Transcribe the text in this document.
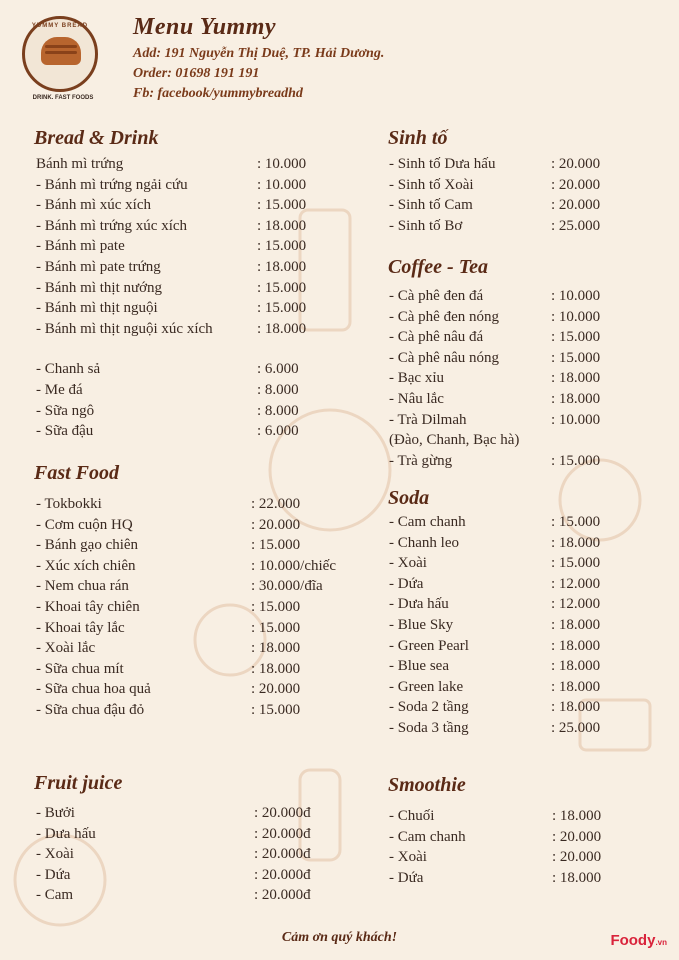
YUMMY BREAD
DRINK. FAST FOODS
Menu Yummy
Add: 191 Nguyễn Thị Duệ, TP. Hải Dương.
Order: 01698 191 191
Fb: facebook/yummybreadhd
Bread & Drink
Bánh mì trứng	: 10.000
- Bánh mì trứng ngải cứu	: 10.000
- Bánh mì xúc xích	: 15.000
- Bánh mì trứng xúc xích	: 18.000
- Bánh mì pate	: 15.000
- Bánh mì pate trứng	: 18.000
- Bánh mì thịt nướng	: 15.000
- Bánh mì thịt nguội	: 15.000
- Bánh mì thịt nguội xúc xích	: 18.000
- Chanh sả	: 6.000
- Me đá	: 8.000
- Sữa ngô	: 8.000
- Sữa đậu	: 6.000
Fast Food
- Tokbokki	: 22.000
- Cơm cuộn HQ	: 20.000
- Bánh gạo chiên	: 15.000
- Xúc xích chiên	: 10.000/chiếc
- Nem chua rán	: 30.000/đĩa
- Khoai tây chiên	: 15.000
- Khoai tây lắc	: 15.000
- Xoài lắc	: 18.000
- Sữa chua mít	: 18.000
- Sữa chua hoa quả	: 20.000
- Sữa chua đậu đỏ	: 15.000
Fruit juice
- Bưởi	: 20.000đ
- Dưa hấu	: 20.000đ
- Xoài	: 20.000đ
- Dứa	: 20.000đ
- Cam	: 20.000đ
Sinh tố
- Sinh tố Dưa hấu	: 20.000
- Sinh tố Xoài	: 20.000
- Sinh tố Cam	: 20.000
- Sinh tố Bơ	: 25.000
Coffee - Tea
- Cà phê đen đá	: 10.000
- Cà phê đen nóng	: 10.000
- Cà phê nâu đá	: 15.000
- Cà phê nâu nóng	: 15.000
- Bạc xỉu	: 18.000
- Nâu lắc	: 18.000
- Trà Dilmah	: 10.000
(Đào, Chanh, Bạc hà)
- Trà gừng	: 15.000
Soda
- Cam chanh	: 15.000
- Chanh leo	: 18.000
- Xoài	: 15.000
- Dứa	: 12.000
- Dưa hấu	: 12.000
- Blue Sky	: 18.000
- Green Pearl	: 18.000
- Blue sea	: 18.000
- Green lake	: 18.000
- Soda 2 tầng	: 18.000
- Soda 3 tầng	: 25.000
Smoothie
- Chuối	: 18.000
- Cam chanh	: 20.000
- Xoài	: 20.000
- Dứa	: 18.000
Cảm ơn quý khách!	Foody.vn
